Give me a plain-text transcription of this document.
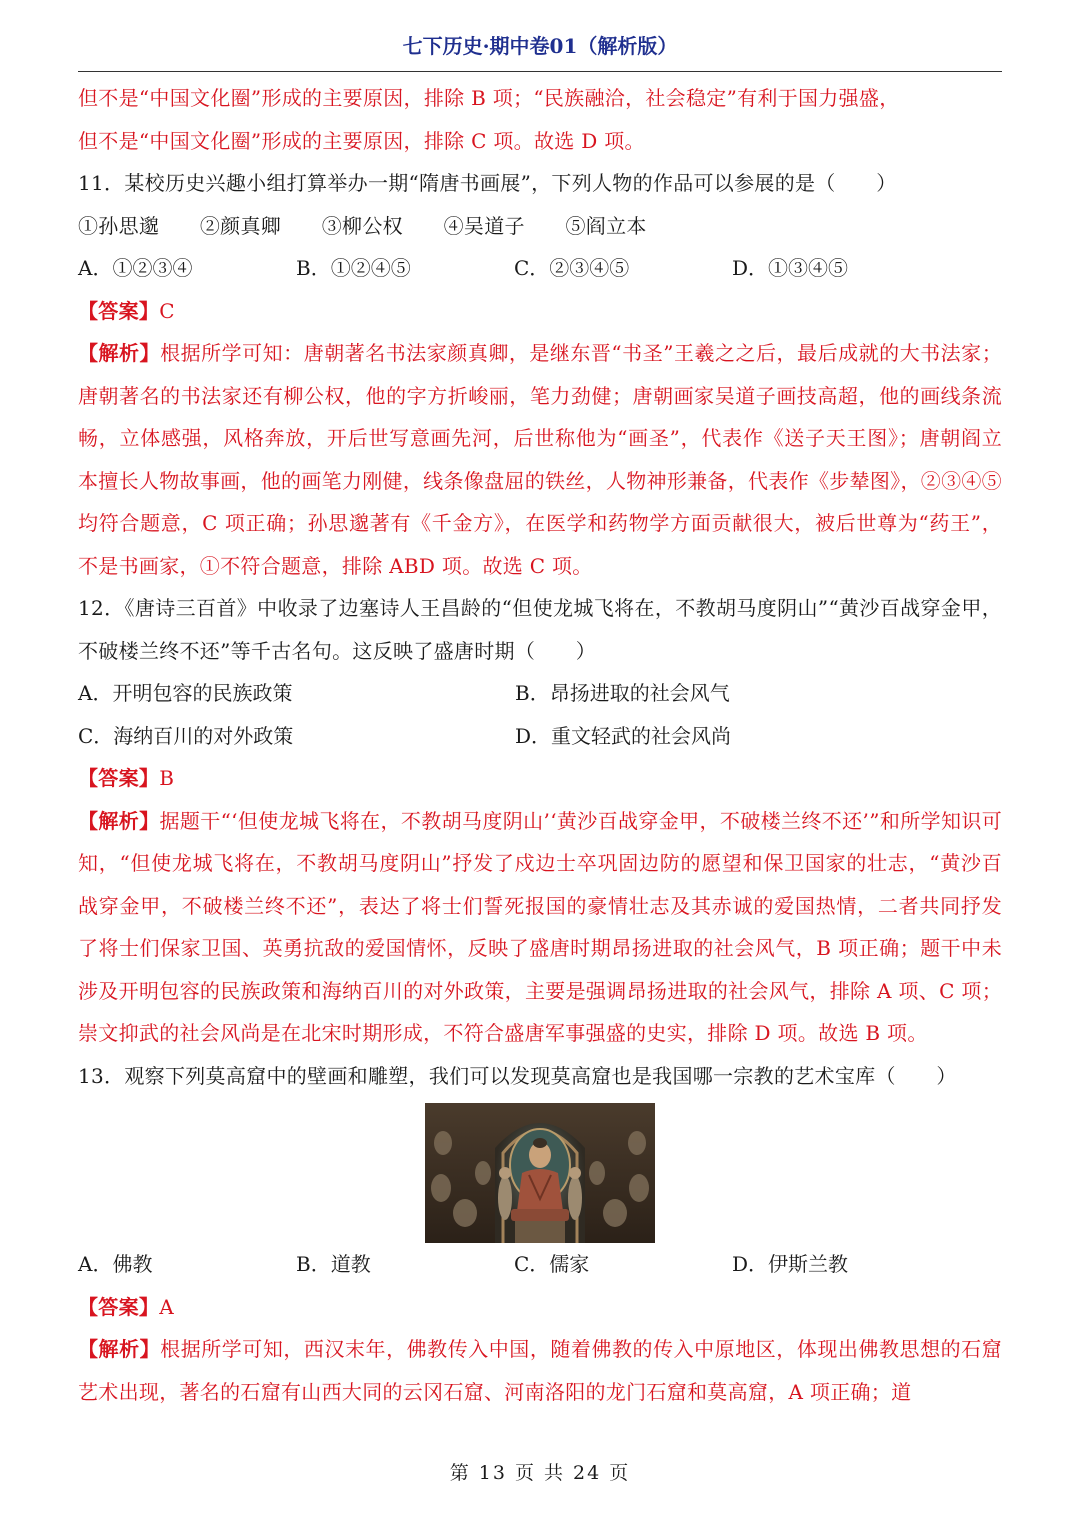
七下历史·期中卷01（解析版）
但不是“中国文化圈”形成的主要原因，排除 B 项；“民族融洽，社会稳定”有利于国力强盛，
但不是“中国文化圈”形成的主要原因，排除 C 项。故选 D 项。
11．某校历史兴趣小组打算举办一期“隋唐书画展”，下列人物的作品可以参展的是（　　）
①孙思邈 ②颜真卿 ③柳公权 ④吴道子 ⑤阎立本
A．①②③④	B．①②④⑤	C．②③④⑤	D．①③④⑤
【答案】C
【解析】根据所学可知：唐朝著名书法家颜真卿，是继东晋“书圣”王羲之之后，最后成就的大书法家；唐朝著名的书法家还有柳公权，他的字方折峻丽，笔力劲健；唐朝画家吴道子画技高超，他的画线条流畅，立体感强，风格奔放，开后世写意画先河，后世称他为“画圣”，代表作《送子天王图》；唐朝阎立本擅长人物故事画，他的画笔力刚健，线条像盘屈的铁丝，人物神形兼备，代表作《步辇图》，②③④⑤均符合题意，C 项正确；孙思邈著有《千金方》，在医学和药物学方面贡献很大，被后世尊为“药王”，不是书画家，①不符合题意，排除 ABD 项。故选 C 项。
12．《唐诗三百首》中收录了边塞诗人王昌龄的“但使龙城飞将在，不教胡马度阴山”“黄沙百战穿金甲，不破楼兰终不还”等千古名句。这反映了盛唐时期（　　）
A．开明包容的民族政策	B．昂扬进取的社会风气
C．海纳百川的对外政策	D．重文轻武的社会风尚
【答案】B
【解析】据题干“‘但使龙城飞将在，不教胡马度阴山’‘黄沙百战穿金甲，不破楼兰终不还’”和所学知识可知，“但使龙城飞将在，不教胡马度阴山”抒发了戍边士卒巩固边防的愿望和保卫国家的壮志，“黄沙百战穿金甲，不破楼兰终不还”，表达了将士们誓死报国的豪情壮志及其赤诚的爱国热情，二者共同抒发了将士们保家卫国、英勇抗敌的爱国情怀，反映了盛唐时期昂扬进取的社会风气，B 项正确；题干中未涉及开明包容的民族政策和海纳百川的对外政策，主要是强调昂扬进取的社会风气，排除 A 项、C 项；崇文抑武的社会风尚是在北宋时期形成，不符合盛唐军事强盛的史实，排除 D 项。故选 B 项。
13．观察下列莫高窟中的壁画和雕塑，我们可以发现莫高窟也是我国哪一宗教的艺术宝库（　　）
A．佛教	B．道教	C．儒家	D．伊斯兰教
【答案】A
【解析】根据所学可知，西汉末年，佛教传入中国，随着佛教的传入中原地区，体现出佛教思想的石窟艺术出现，著名的石窟有山西大同的云冈石窟、河南洛阳的龙门石窟和莫高窟，A 项正确；道
第 13 页 共 24 页
